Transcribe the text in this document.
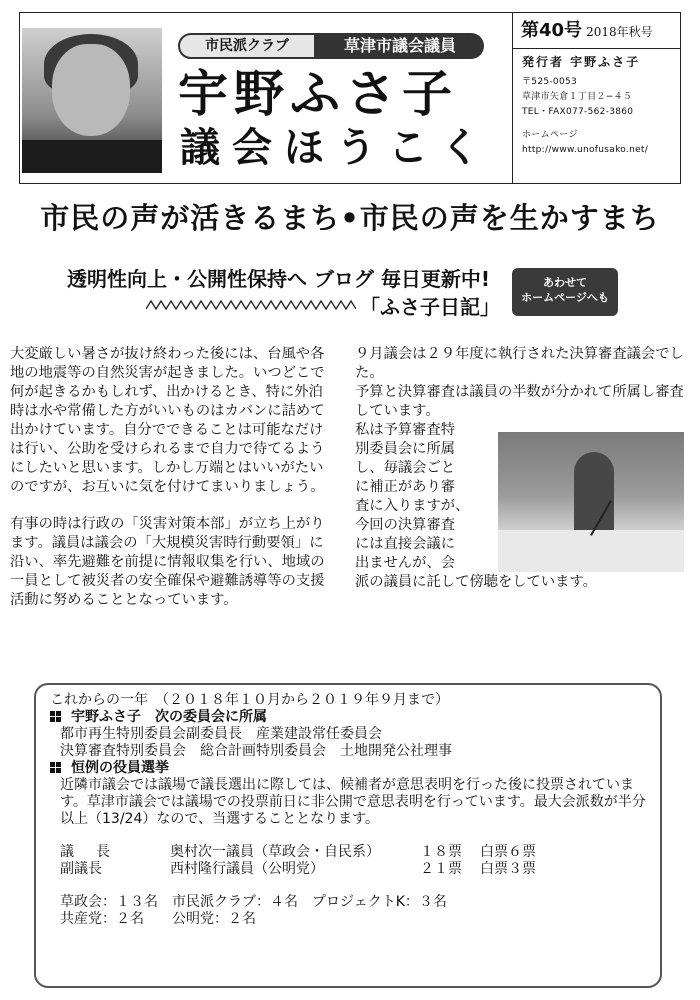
市民派クラブ	草津市議会議員
宇野ふさ子
議会ほうこく
第40号 2018年秋号
発行者 宇野ふさ子
〒525-0053
草津市矢倉１丁目２−４５
TEL・FAX077-562-3860
ホームページ
http://www.unofusako.net/
市民の声が活きるまち•市民の声を生かすまち
透明性向上・公開性保持へ ブログ 毎日更新中!
「ふさ子日記」
あわせて
ホームページへも

大変厳しい暑さが抜け終わった後には、台風や各地の地震等の自然災害が起きました。いつどこで何が起きるかもしれず、出かけるとき、特に外泊時は水や常備した方がいいものはカバンに詰めて出かけています。自分でできることは可能なだけは行い、公助を受けられるまで自力で待てるようにしたいと思います。しかし万端とはいいがたいのですが、お互いに気を付けてまいりましょう。

有事の時は行政の「災害対策本部」が立ち上がります。議員は議会の「大規模災害時行動要領」に沿い、率先避難を前提に情報収集を行い、地域の一員として被災者の安全確保や避難誘導等の支援活動に努めることとなっています。

９月議会は２９年度に執行された決算審査議会でした。

予算と決算審査は議員の半数が分かれて所属し審査しています。

私は予算審査特

別委員会に所属

し、毎議会ごと

に補正があり審

査に入りますが、

今回の決算審査

には直接会議に

出ませんが、会

派の議員に託して傍聴をしています。

これからの一年　（２０１８年１０月から２０１９年９月まで）

宇野ふさ子　次の委員会に所属

都市再生特別委員会副委員長　産業建設常任委員会

決算審査特別委員会　総合計画特別委員会　土地開発公社理事

恒例の役員選挙

近隣市議会では議場で議長選出に際しては、候補者が意思表明を行った後に投票されています。草津市議会では議場での投票前日に非公開で意思表明を行っています。最大会派数が半分以上（13/24）なので、当選することとなります。

議　長	奥村次一議員（草政会・自民系）	１８票	白票６票
副議長	西村隆行議員（公明党）	２１票	白票３票

草政会：１３名　市民派クラブ：４名　プロジェクトK：３名

共産党：２名　　公明党：２名
